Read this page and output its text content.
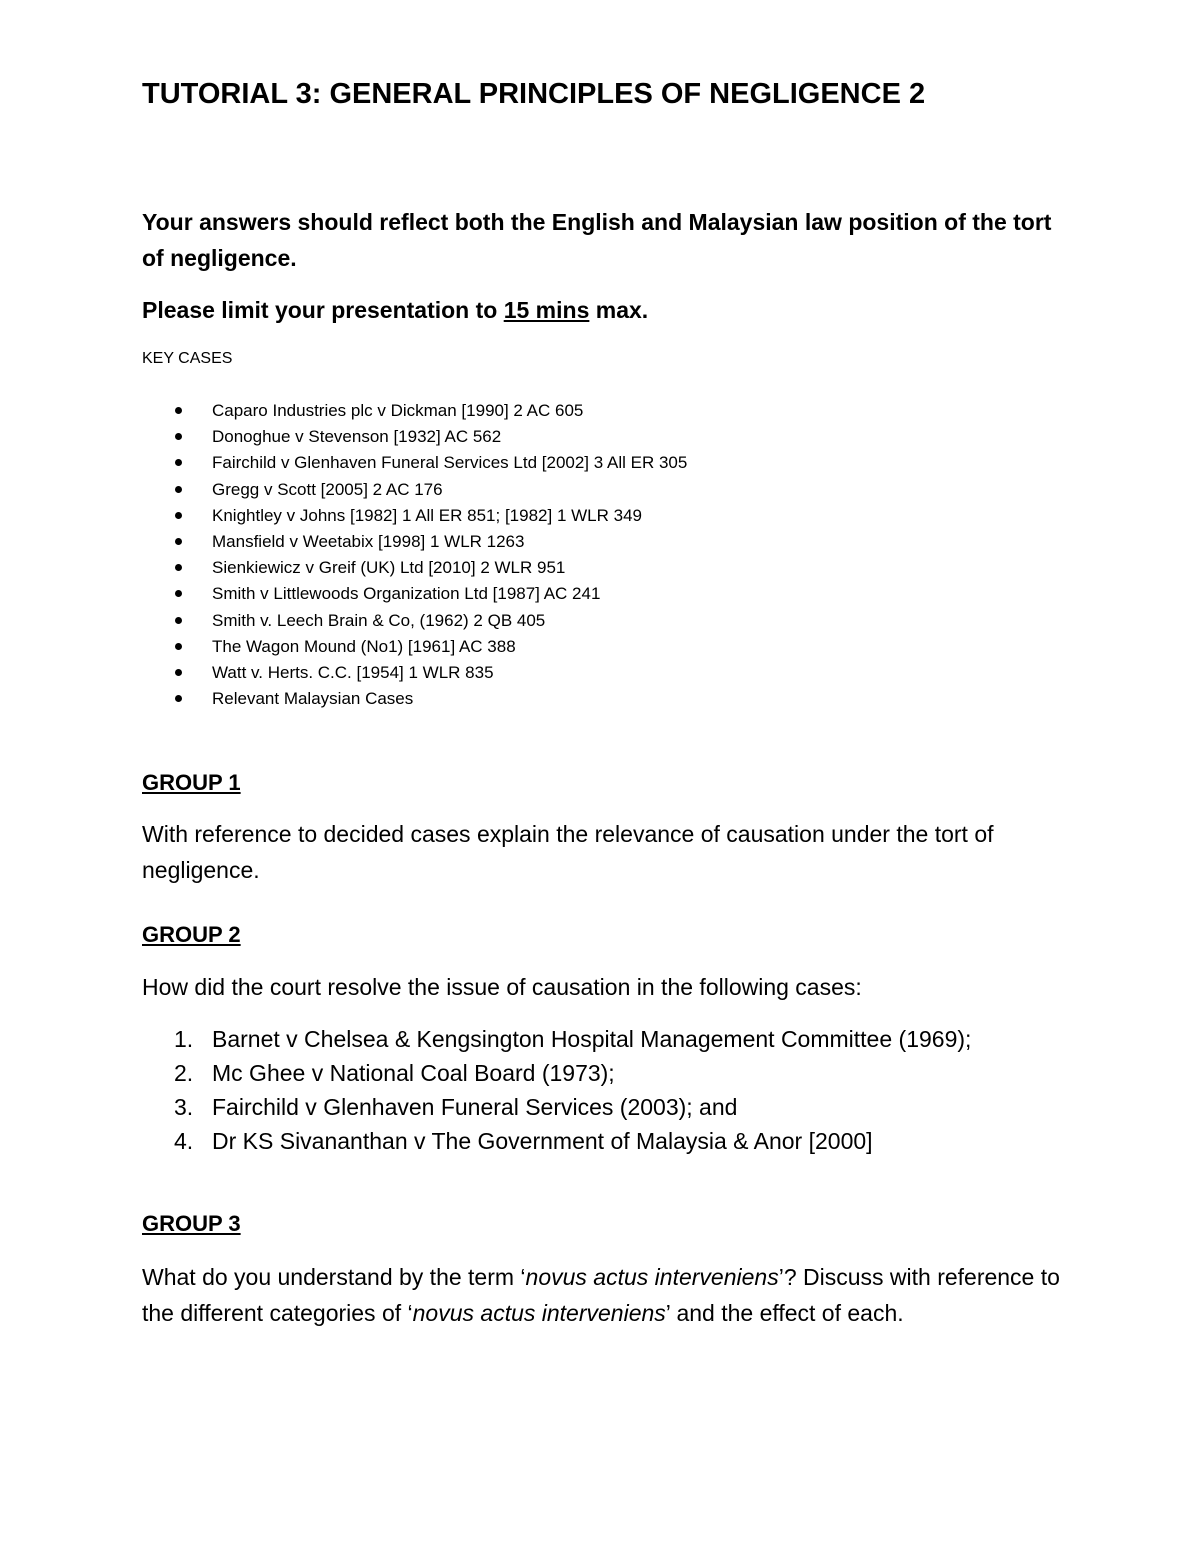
TUTORIAL 3: GENERAL PRINCIPLES OF NEGLIGENCE 2

Your answers should reflect both the English and Malaysian law position of the tort of negligence.

Please limit your presentation to 15 mins max.

KEY CASES

Caparo Industries plc v Dickman [1990] 2 AC 605
Donoghue v Stevenson [1932] AC 562
Fairchild v Glenhaven Funeral Services Ltd [2002] 3 All ER 305
Gregg v Scott [2005] 2 AC 176
Knightley v Johns [1982] 1 All ER 851; [1982] 1 WLR 349
Mansfield v Weetabix [1998] 1 WLR 1263
Sienkiewicz v Greif (UK) Ltd [2010] 2 WLR 951
Smith v Littlewoods Organization Ltd [1987] AC 241
Smith v. Leech Brain & Co, (1962) 2 QB 405
The Wagon Mound (No1) [1961] AC 388
Watt v. Herts. C.C. [1954] 1 WLR 835
Relevant Malaysian Cases

GROUP 1

With reference to decided cases explain the relevance of causation under the tort of negligence.

GROUP 2

How did the court resolve the issue of causation in the following cases:

1. Barnet v Chelsea & Kengsington Hospital Management Committee (1969);
2. Mc Ghee v National Coal Board (1973);
3. Fairchild v Glenhaven Funeral Services (2003); and
4. Dr KS Sivananthan v The Government of Malaysia & Anor [2000]

GROUP 3

What do you understand by the term ‘novus actus interveniens’? Discuss with reference to the different categories of ‘novus actus interveniens’ and the effect of each.
